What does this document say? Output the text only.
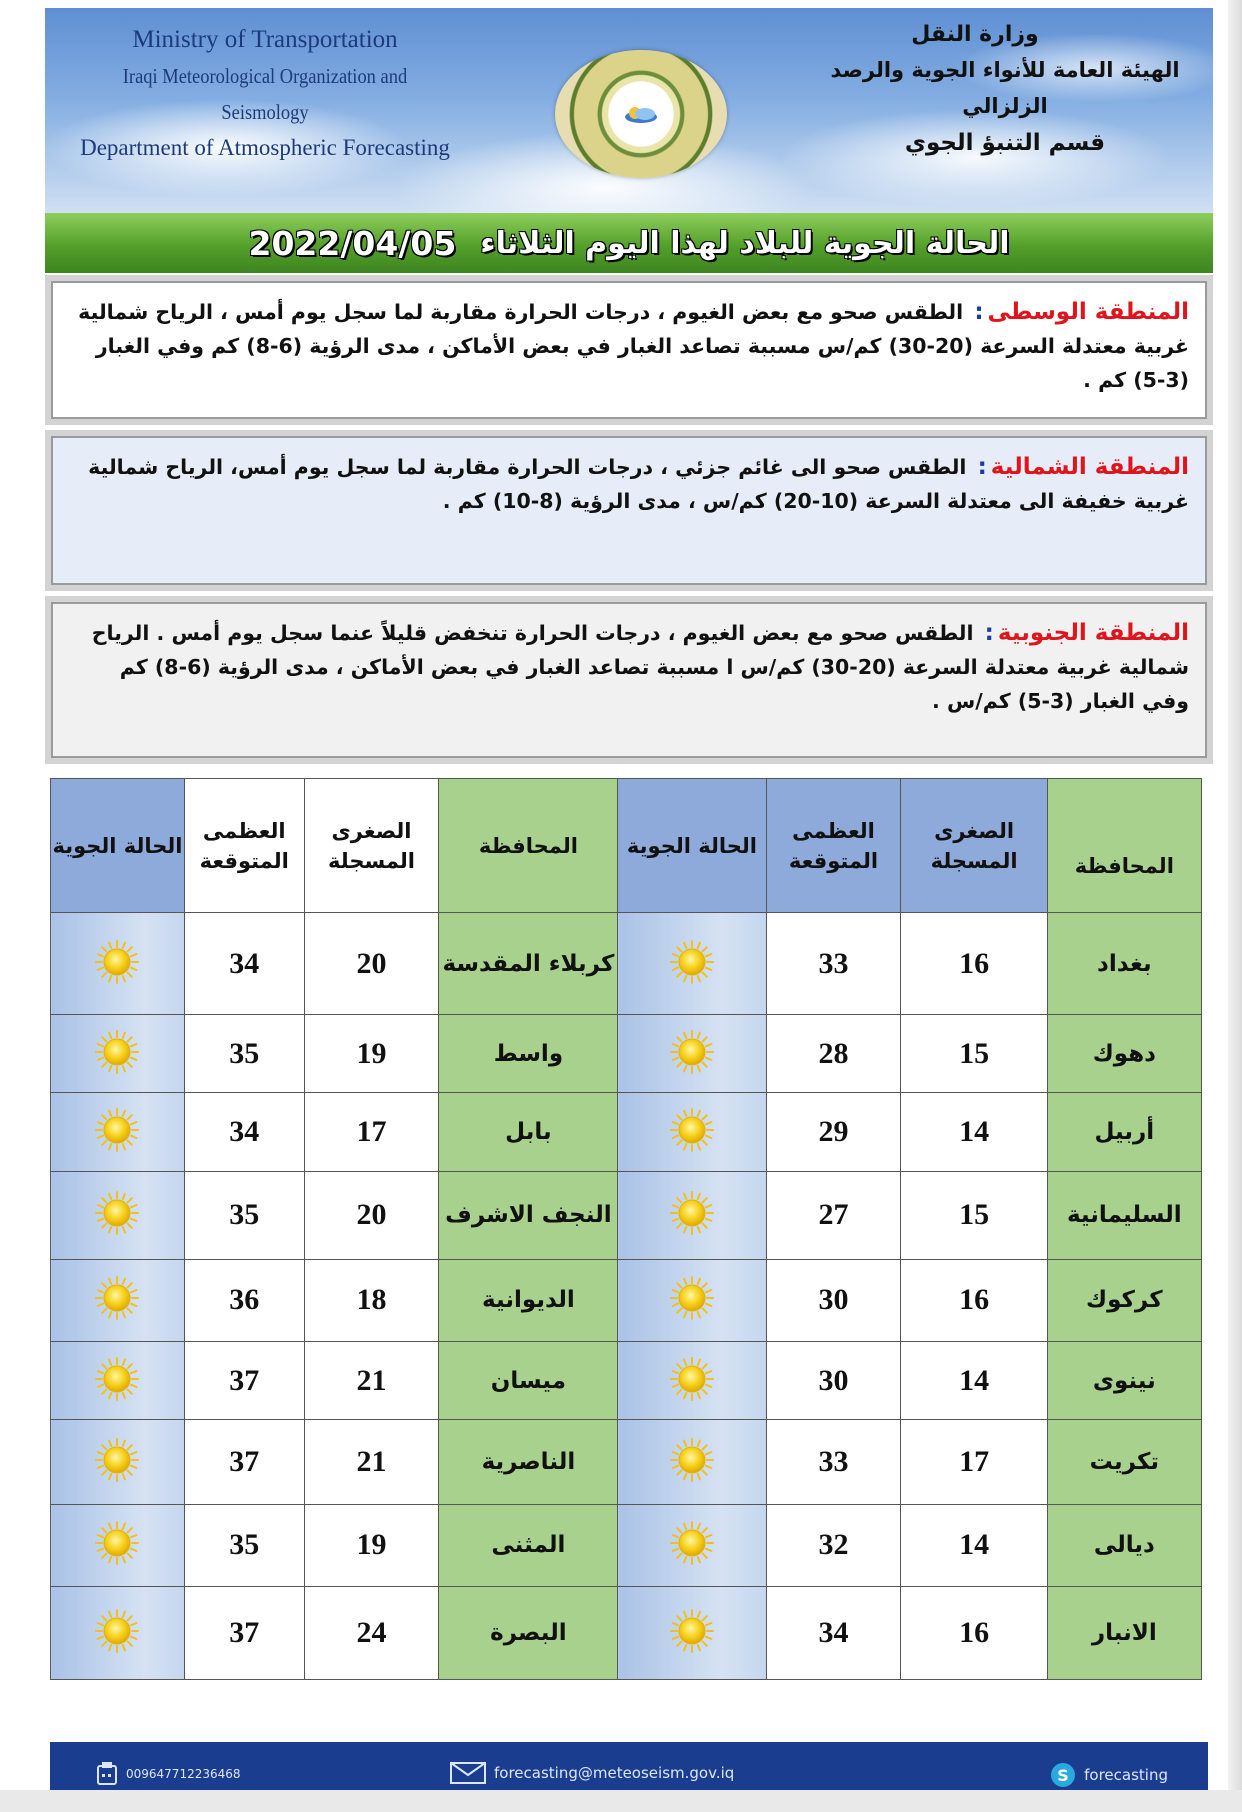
Ministry of Transportation
Iraqi Meteorological Organization and Seismology
Department of Atmospheric Forecasting
وزارة النقل
الهيئة العامة للأنواء الجوية والرصد الزلزالي
قسم التنبؤ الجوي
الحالة الجوية للبلاد لهذا اليوم الثلاثاء
2022/04/05
المنطقة الوسطى: الطقس صحو مع بعض الغيوم ، درجات الحرارة مقاربة لما سجل يوم أمس ، الرياح شمالية غربية معتدلة السرعة (20-30) كم/س مسببة تصاعد الغبار في بعض الأماكن ، مدى الرؤية (6-8) كم وفي الغبار (3-5) كم .
المنطقة الشمالية: الطقس صحو الى غائم جزئي ، درجات الحرارة مقاربة لما سجل يوم أمس، الرياح شمالية غربية خفيفة الى معتدلة السرعة (10-20) كم/س ، مدى الرؤية (8-10) كم .
المنطقة الجنوبية: الطقس صحو مع بعض الغيوم ، درجات الحرارة تنخفض قليلاً عنما سجل يوم أمس . الرياح شمالية غربية معتدلة السرعة (20-30) كم/س ا مسببة تصاعد الغبار في بعض الأماكن ، مدى الرؤية (6-8) كم وفي الغبار (3-5) كم/س .
المحافظة	الصغرى المسجلة	العظمى المتوقعة	الحالة الجوية	المحافظة	الصغرى المسجلة	العظمى المتوقعة	الحالة الجوية
بغداد	16	33		كربلاء المقدسة	20	34	
دهوك	15	28		واسط	19	35	
أربيل	14	29		بابل	17	34	
السليمانية	15	27		النجف الاشرف	20	35	
كركوك	16	30		الديوانية	18	36	
نينوى	14	30		ميسان	21	37	
تكريت	17	33		الناصرية	21	37	
ديالى	14	32		المثنى	19	35	
الانبار	16	34		البصرة	24	37	
009647712236468	forecasting@meteoseism.gov.iq	S forecasting
